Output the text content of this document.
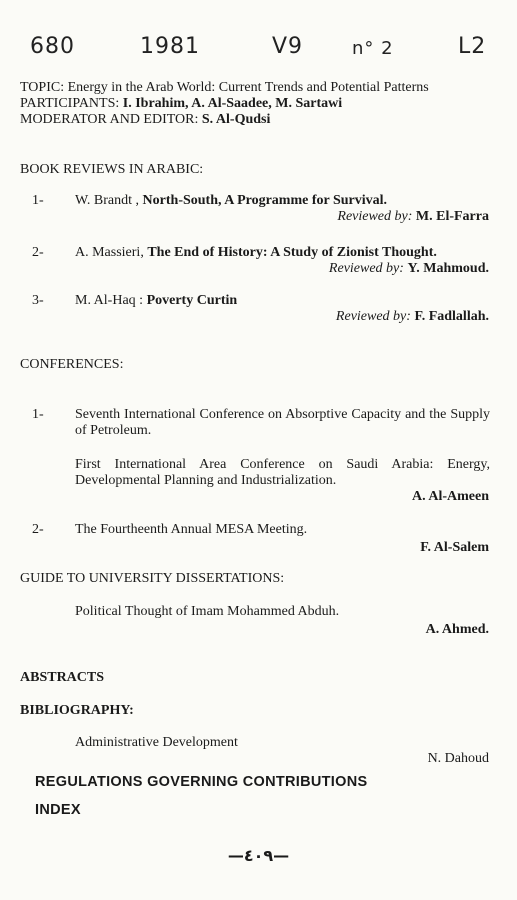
680	1981	V9	n° 2	L2
TOPIC: Energy in the Arab World: Current Trends and Potential Patterns
PARTICIPANTS: I. Ibrahim, A. Al-Saadee, M. Sartawi
MODERATOR AND EDITOR: S. Al-Qudsi
BOOK REVIEWS IN ARABIC:
1- W. Brandt , North-South, A Programme for Survival.
Reviewed by: M. El-Farra
2- A. Massieri, The End of History: A Study of Zionist Thought.
Reviewed by: Y. Mahmoud.
3- M. Al-Haq : Poverty Curtin
Reviewed by: F. Fadlallah.
CONFERENCES:
1- Seventh International Conference on Absorptive Capacity and the Supply of Petroleum.
First International Area Conference on Saudi Arabia: Energy, Developmental Planning and Industrialization.
A. Al-Ameen
2- The Fourtheenth Annual MESA Meeting.
F. Al-Salem
GUIDE TO UNIVERSITY DISSERTATIONS:
Political Thought of Imam Mohammed Abduh.
A. Ahmed.
ABSTRACTS
BIBLIOGRAPHY:
Administrative Development
N. Dahoud
REGULATIONS GOVERNING CONTRIBUTIONS
INDEX
—٤٠٩—
